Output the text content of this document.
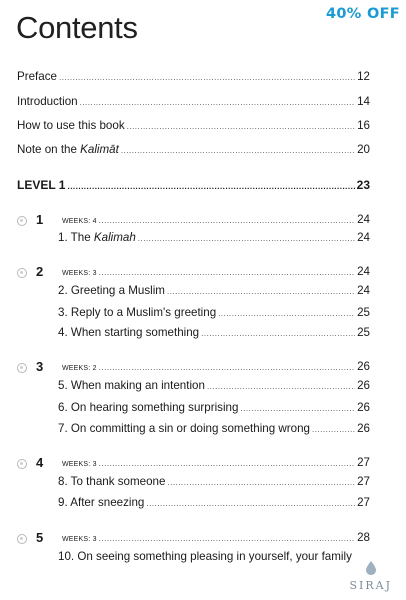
40% OFF
Contents
Preface .....	12
Introduction .....	14
How to use this book .....	16
Note on the Kalimāt .....	20
LEVEL 1 .....	23
1	WEEKS: 4 .....	24
1. The Kalimah .....	24
2	WEEKS: 3 .....	24
2. Greeting a Muslim .....	24
3. Reply to a Muslim's greeting .....	25
4. When starting something .....	25
3	WEEKS: 2 .....	26
5. When making an intention .....	26
6. On hearing something surprising .....	26
7. On committing a sin or doing something wrong .....	26
4	WEEKS: 3 .....	27
8. To thank someone .....	27
9. After sneezing .....	27
5	WEEKS: 3 .....	28
10. On seeing something pleasing in yourself, your family
SIRAJ
